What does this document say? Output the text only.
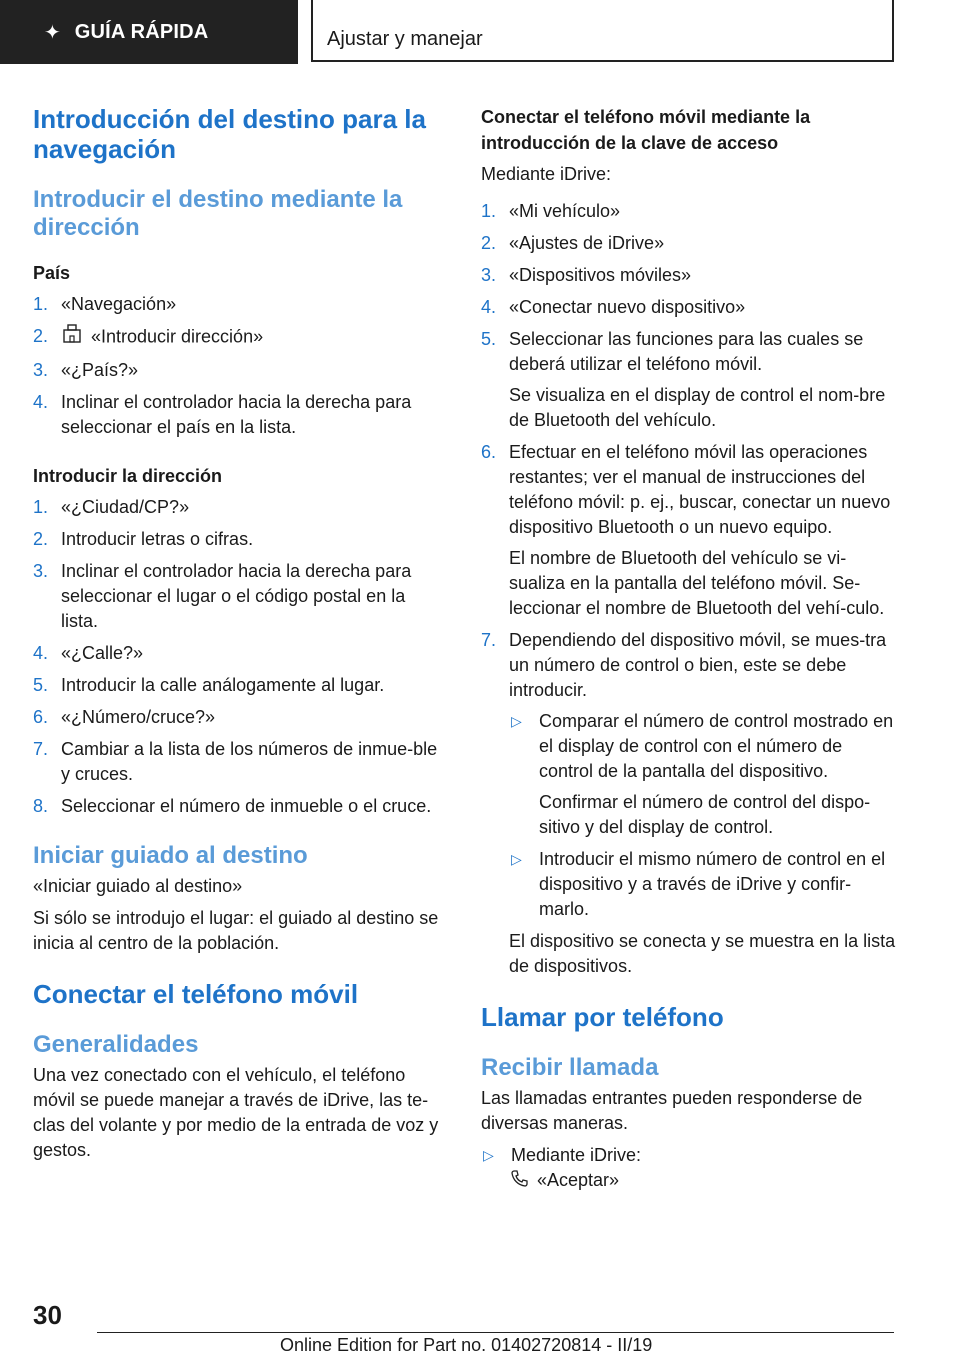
✦ GUÍA RÁPIDA	Ajustar y manejar
Introducción del destino para la navegación
Introducir el destino mediante la dirección
País
1. «Navegación»
2. «Introducir dirección»
3. «¿País?»
4. Inclinar el controlador hacia la derecha para seleccionar el país en la lista.
Introducir la dirección
1. «¿Ciudad/CP?»
2. Introducir letras o cifras.
3. Inclinar el controlador hacia la derecha para seleccionar el lugar o el código postal en la lista.
4. «¿Calle?»
5. Introducir la calle análogamente al lugar.
6. «¿Número/cruce?»
7. Cambiar a la lista de los números de inmue‐ble y cruces.
8. Seleccionar el número de inmueble o el cruce.
Iniciar guiado al destino
«Iniciar guiado al destino»
Si sólo se introdujo el lugar: el guiado al destino se inicia al centro de la población.
Conectar el teléfono móvil
Generalidades
Una vez conectado con el vehículo, el teléfono móvil se puede manejar a través de iDrive, las te‐clas del volante y por medio de la entrada de voz y gestos.
Conectar el teléfono móvil mediante la introducción de la clave de acceso
Mediante iDrive:
1. «Mi vehículo»
2. «Ajustes de iDrive»
3. «Dispositivos móviles»
4. «Conectar nuevo dispositivo»
5. Seleccionar las funciones para las cuales se deberá utilizar el teléfono móvil.
Se visualiza en el display de control el nom‐bre de Bluetooth del vehículo.
6. Efectuar en el teléfono móvil las operaciones restantes; ver el manual de instrucciones del teléfono móvil: p. ej., buscar, conectar un nuevo dispositivo Bluetooth o un nuevo equipo.
El nombre de Bluetooth del vehículo se vi‐sualiza en la pantalla del teléfono móvil. Se‐leccionar el nombre de Bluetooth del vehí‐culo.
7. Dependiendo del dispositivo móvil, se mues‐tra un número de control o bien, este se debe introducir.
▷ Comparar el número de control mostrado en el display de control con el número de control de la pantalla del dispositivo.
Confirmar el número de control del dispo‐sitivo y del display de control.
▷ Introducir el mismo número de control en el dispositivo y a través de iDrive y confir‐marlo.
El dispositivo se conecta y se muestra en la lista de dispositivos.
Llamar por teléfono
Recibir llamada
Las llamadas entrantes pueden responderse de diversas maneras.
▷ Mediante iDrive:
«Aceptar»
30
Online Edition for Part no. 01402720814 - II/19
